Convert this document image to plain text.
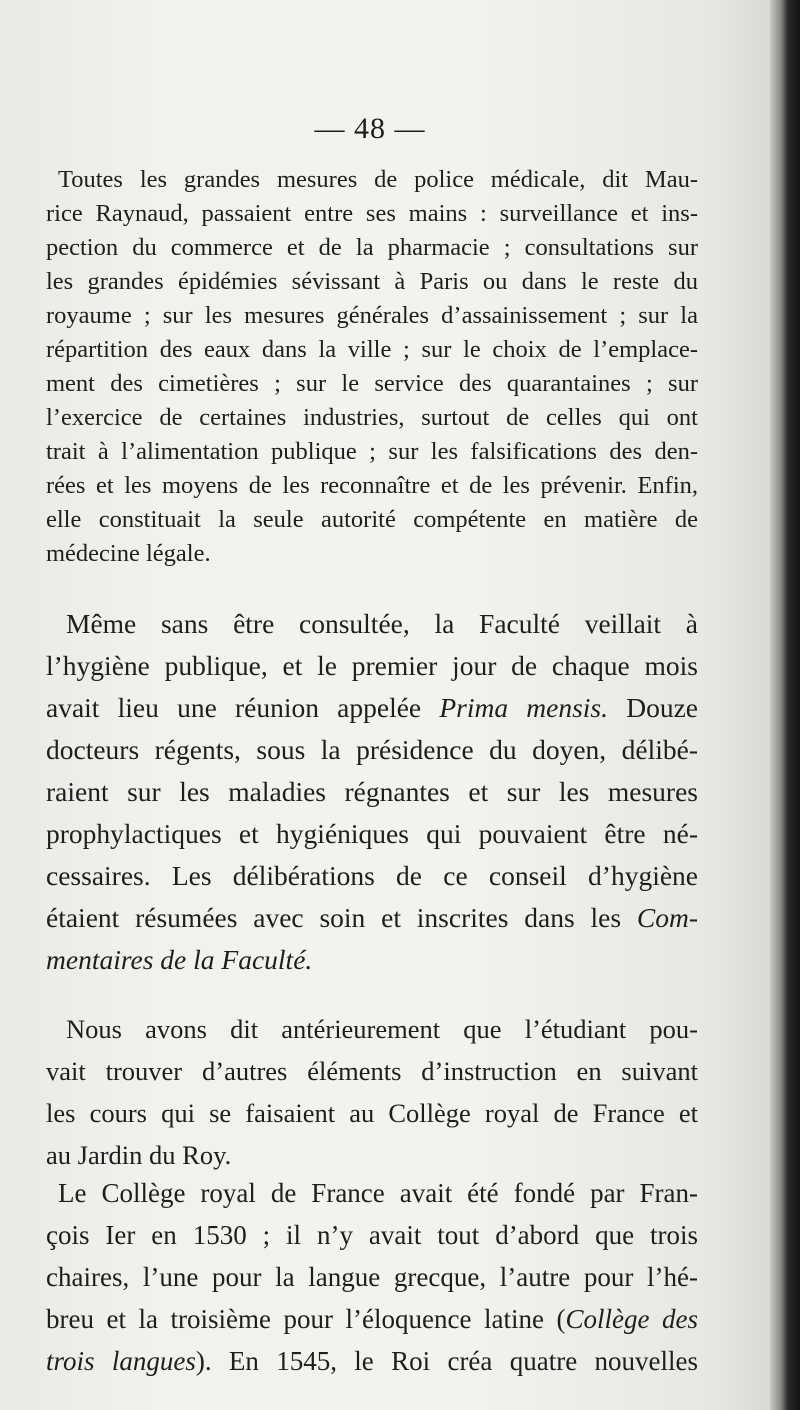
— 48 —
Toutes les grandes mesures de police médicale, dit Mau-
rice Raynaud, passaient entre ses mains : surveillance et ins-
pection du commerce et de la pharmacie ; consultations sur
les grandes épidémies sévissant à Paris ou dans le reste du
royaume ; sur les mesures générales d’assainissement ; sur la
répartition des eaux dans la ville ; sur le choix de l’emplace-
ment des cimetières ; sur le service des quarantaines ; sur
l’exercice de certaines industries, surtout de celles qui ont
trait à l’alimentation publique ; sur les falsifications des den-
rées et les moyens de les reconnaître et de les prévenir. Enfin,
elle constituait la seule autorité compétente en matière de
médecine légale.
Même sans être consultée, la Faculté veillait à
l’hygiène publique, et le premier jour de chaque mois
avait lieu une réunion appelée Prima mensis. Douze
docteurs régents, sous la présidence du doyen, délibé-
raient sur les maladies régnantes et sur les mesures
prophylactiques et hygiéniques qui pouvaient être né-
cessaires. Les délibérations de ce conseil d’hygiène
étaient résumées avec soin et inscrites dans les Com-
mentaires de la Faculté.
Nous avons dit antérieurement que l’étudiant pou-
vait trouver d’autres éléments d’instruction en suivant
les cours qui se faisaient au Collège royal de France et
au Jardin du Roy.
Le Collège royal de France avait été fondé par Fran-
çois Ier en 1530 ; il n’y avait tout d’abord que trois
chaires, l’une pour la langue grecque, l’autre pour l’hé-
breu et la troisième pour l’éloquence latine (Collège des
trois langues). En 1545, le Roi créa quatre nouvelles
